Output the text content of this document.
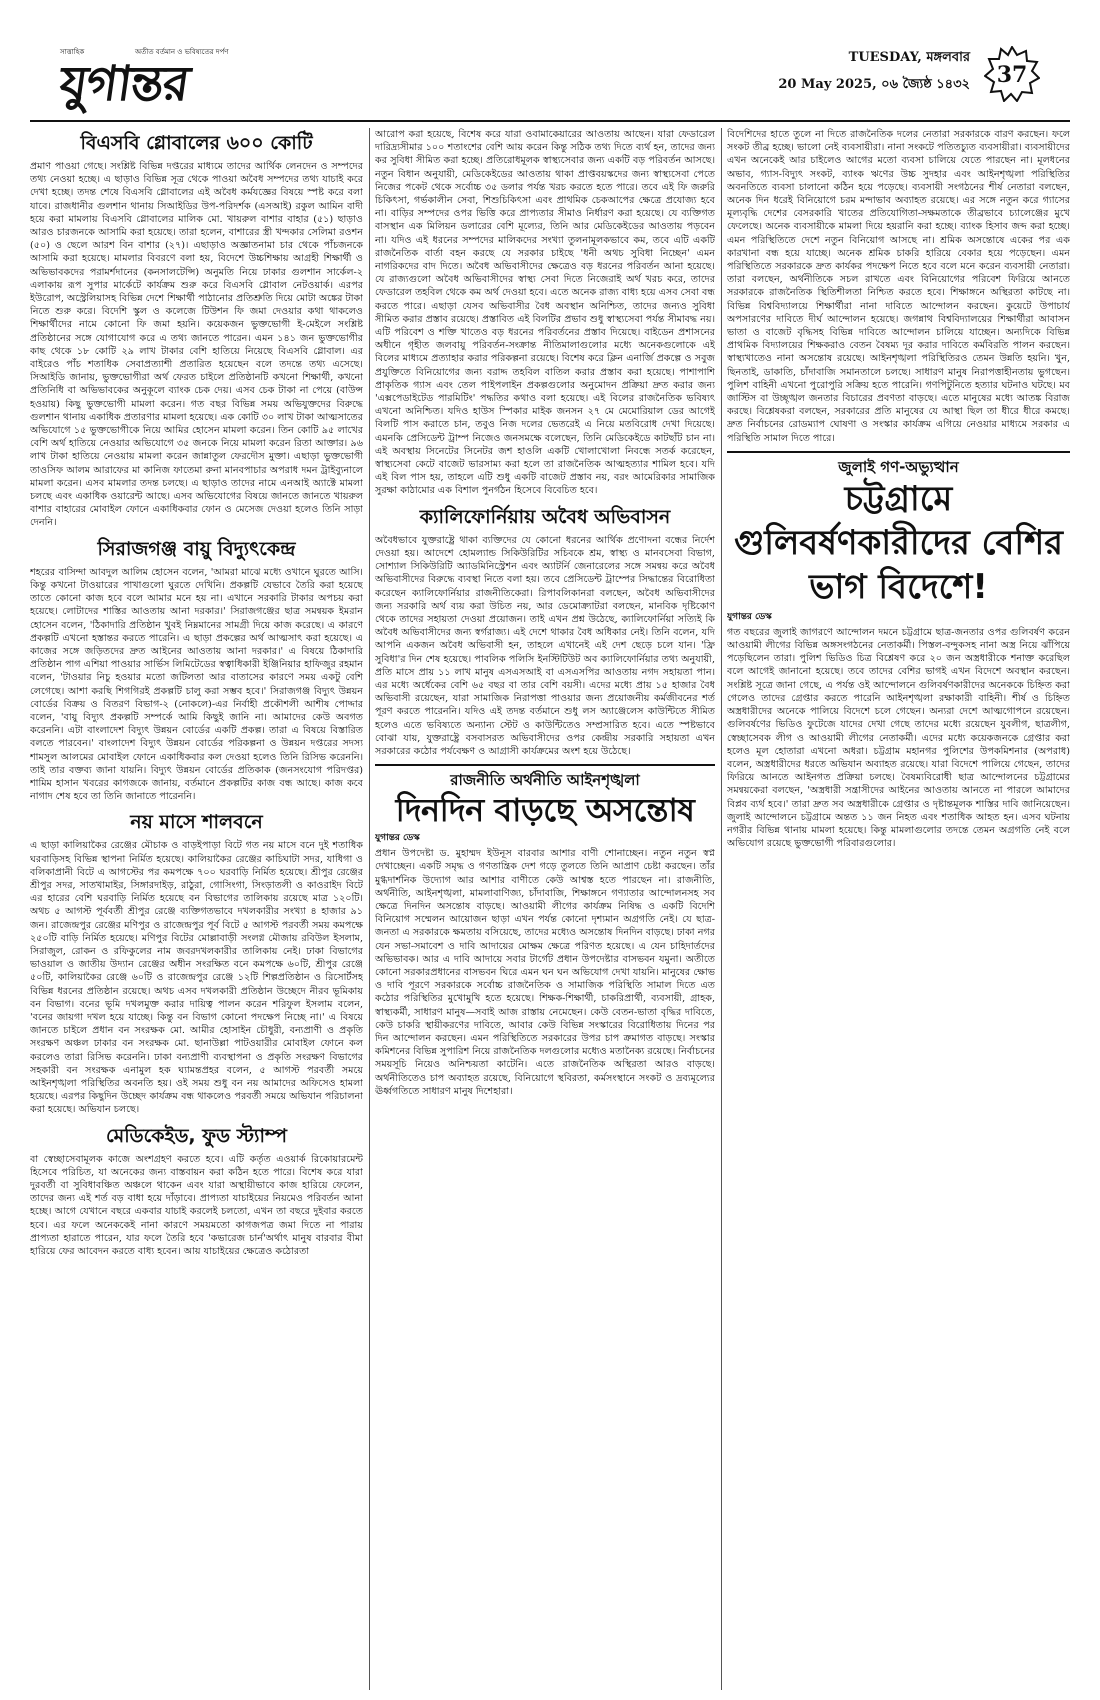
সাত্তাহিক	অতীত বর্তমান ও ভবিষ্যতের দর্পণ
যুগান্তর	TUESDAY, মঙ্গলবার
20 May 2025, ০৬ জ্যৈষ্ঠ ১৪৩২ 37
বিএসবি গ্লোবালের ৬০০ কোটি
প্রমাণ পাওয়া গেছে। সংশ্লিষ্ট বিভিন্ন দপ্তরের মাধ্যমে তাদের আর্থিক লেনদেন ও সম্পদের তথ্য নেওয়া হচ্ছে। এ ছাড়াও বিভিন্ন সূত্র থেকে পাওয়া অবৈধ সম্পদের তথ্য যাচাই করে দেখা হচ্ছে। তদন্ত শেষে বিএসবি গ্লোবালের এই অবৈধ কর্মযজ্ঞের বিষয়ে স্পষ্ট করে বলা যাবে। রাজধানীর গুলশান থানায় সিআইডির উপ-পরিদর্শক (এসআই) রকুল আমিন বাদী হয়ে করা মামলায় বিএসবি গ্লোবালের মালিক মো. খায়রুল বাশার বাহার (৫১) ছাড়াও আরও চারজনকে আসামি করা হয়েছে। তারা হলেন, বাশারের স্ত্রী খন্দকার সেলিমা রওশন (৫০) ও ছেলে আরশ বিন বাশার (২৭)। এছাড়াও অজ্ঞাতনামা চার থেকে পাঁচজনকে আসামি করা হয়েছে। মামলার বিবরণে বলা হয়, বিদেশে উচ্চশিক্ষায় আগ্রহী শিক্ষার্থী ও অভিভাবকদের পরামর্শদানের (কনসালটেন্সি) অনুমতি নিয়ে ঢাকার গুলশান সার্কেল-২ এলাকায় রূপ সুপার মার্কেটে কার্যক্রম শুরু করে বিএসবি গ্লোবাল নেটওয়ার্ক। এরপর ইউরোপ, অস্ট্রেলিয়াসহ বিভিন্ন দেশে শিক্ষার্থী পাঠানোর প্রতিশ্রুতি দিয়ে মোটা অঙ্কের টাকা নিতে শুরু করে। বিদেশি স্কুল ও কলেজে টিউশন ফি জমা দেওয়ার কথা থাকলেও শিক্ষার্থীদের নামে কোনো ফি জমা হয়নি। কয়েকজন ভুক্তভোগী ই-মেইলে সংশ্লিষ্ট প্রতিষ্ঠানের সঙ্গে যোগাযোগ করে এ তথ্য জানতে পারেন। এমন ১৪১ জন ভুক্তভোগীর কাছ থেকে ১৮ কোটি ২৯ লাখ টাকার বেশি হাতিয়ে নিয়েছে বিএসবি গ্লোবাল। এর বাইরেও পাঁচ শতাধিক সেবাপ্রত্যাশী প্রতারিত হয়েছেন বলে তদন্তে তথ্য এসেছে। সিআইডি জানায়, ভুক্তভোগীরা অর্থ ফেরত চাইলে প্রতিষ্ঠানটি কখনো শিক্ষার্থী, কখনো প্রতিনিধি বা অভিভাবকের অনুকূলে ব্যাংক চেক দেয়। এসব চেক টাকা না পেয়ে (বাউন্স হওয়ায়) কিছু ভুক্তভোগী মামলা করেন। গত বছর বিভিন্ন সময় অভিযুক্তদের বিরুদ্ধে গুলশান থানায় একাধিক প্রতারণার মামলা হয়েছে। এক কোটি ৩০ লাখ টাকা আত্মসাতের অভিযোগে ১৫ ভুক্তভোগীকে নিয়ে আমির হোসেন মামলা করেন। তিন কোটি ৯৫ লাখের বেশি অর্থ হাতিয়ে নেওয়ার অভিযোগে ৩৫ জনকে নিয়ে মামলা করেন রিতা আক্তার। ৯৬ লাখ টাকা হাতিয়ে নেওয়ায় মামলা করেন জান্নাতুল ফেরদৌস মুক্তা। এছাড়া ভুক্তভোগী তাওসিফ আলম আরাফের মা কানিজ ফাতেমা রুনা মানবপাচার অপরাধ দমন ট্রাইব্যুনালে মামলা করেন। এসব মামলার তদন্ত চলছে। এ ছাড়াও তাদের নামে এনআই অ্যাক্টে মামলা চলছে এবং একাধিক ওয়ারেন্ট আছে। এসব অভিযোগের বিষয়ে জানতে জানতে খায়রুল বাশার বাহারের মোবাইল ফোনে একাধিকবার ফোন ও মেসেজ দেওয়া হলেও তিনি সাড়া দেননি।
সিরাজগঞ্জ বায়ু বিদ্যুৎকেন্দ্র
শহরের বাসিন্দা আবদুল আলিম হোসেন বলেন, 'আমরা মাঝে মধ্যে ওখানে ঘুরতে আসি। কিন্তু কখনো টাওয়ারের পাখাগুলো ঘুরতে দেখিনি। প্রকল্পটি যেভাবে তৈরি করা হয়েছে তাতে কোনো কাজ হবে বলে আমার মনে হয় না। এখানে সরকারি টাকার অপচয় করা হয়েছে। লোটাদের শাস্তির আওতায় আনা দরকার।' সিরাজগঞ্জের ছাত্র সমন্বয়ক ইমরান হোসেন বলেন, 'ঠিকাদারি প্রতিষ্ঠান খুবই নিম্নমানের সামগ্রী দিয়ে কাজ করেছে। এ কারণে প্রকল্পটি এখনো হস্তান্তর করতে পারেনি। এ ছাড়া প্রকল্পের অর্থ আত্মসাৎ করা হয়েছে। এ কাজের সঙ্গে জড়িতদের দ্রুত আইনের আওতায় আনা দরকার।' এ বিষয়ে ঠিকাদারি প্রতিষ্ঠান পাগ এশিয়া পাওয়ার সার্ভিস লিমিটেডের স্বত্বাধিকারী ইঞ্জিনিয়ার হাফিজুর রহমান বলেন, 'টাওয়ার নিচু হওয়ার মতো জটিলতা আর বাতাসের কারণে সময় একটু বেশি লেগেছে। আশা করছি শিগগিরই প্রকল্পটি চালু করা সম্ভব হবে।' সিরাজগঞ্জ বিদ্যুৎ উন্নয়ন বোর্ডের বিক্রয় ও বিতরণ বিভাগ-২ (নোকলে)-এর নির্বাহী প্রকৌশলী আশীষ পোদ্দার বলেন, 'বায়ু বিদ্যুৎ প্রকল্পটি সম্পর্কে আমি কিছুই জানি না। আমাদের কেউ অবগত করেননি। এটা বাংলাদেশ বিদ্যুৎ উন্নয়ন বোর্ডের একটি প্রকল্প। তারা এ বিষয়ে বিস্তারিত বলতে পারবেন।' বাংলাদেশ বিদ্যুৎ উন্নয়ন বোর্ডের পরিকল্পনা ও উন্নয়ন দপ্তরের সদস্য শামসুল আলমের মোবাইল ফোনে একাধিকবার কল দেওয়া হলেও তিনি রিসিভ করেননি। তাই তার বক্তব্য জানা যায়নি। বিদ্যুৎ উন্নয়ন বোর্ডের প্রতিকাক (জনসংযোগ পরিদপ্তর) শামিম হাসান খবরের কাগজকে জানায়, বর্তমানে প্রকল্পটির কাজ বন্ধ আছে। কাজ কবে নাগাদ শেষ হবে তা তিনি জানাতে পারেননি।
নয় মাসে শালবনে
এ ছাড়া কালিয়াকৈর রেঞ্জের মৌচাক ও বাড়ইপাড়া বিটে গত নয় মাসে বনে দুই শতাধিক ঘরবাড়িসহ বিভিন্ন স্থাপনা নির্মিত হয়েছে। কালিয়াকৈর রেঞ্জের কাচিঘাটা সদর, যাধিগা ও বলিকাপ্রানী বিটে এ আগস্টের পর কমপক্ষে ৭০০ ঘরবাড়ি নির্মিত হয়েছে। শ্রীপুর রেঞ্জের শ্রীপুর সদর, সাতখামাইর, সিঙ্গারদাইড়, রাঠুরা, গোসিংগা, সিংড়াতলী ও কাওরাইদ বিটে এর হারের বেশি ঘরবাড়ি নির্মিত হয়েছে বন বিভাগের তালিকায় রয়েছে মাত্র ১২০টি। অথচ ৫ আগস্ট পূর্ববর্তী শ্রীপুর রেঞ্জে ব্যক্তিগতভাবে দখলকারীর সংখ্যা ৪ হাজার ৯১ জন। রাজেন্দ্রপুর রেঞ্জের মণিপুর ও রাজেন্দ্রপুর পূর্ব বিটে ৫ আগস্ট পরবর্তী সময় কমপক্ষে ২৫০টি বাড়ি নির্মিত হয়েছে। মণিপুর বিটের মোল্লাবাড়ী সংলগ্ন মৌজায় রবিউল ইসলাম, সিরাজুল, রোকন ও রফিকুলের নাম জবরদখলকারীর তালিকায় নেই। ঢাকা বিভাগের ভাওয়াল ও জাতীয় উদ্যান রেঞ্জের অধীন সংরক্ষিত বনে কমপক্ষে ৬০টি, শ্রীপুর রেঞ্জে ৫০টি, কালিয়াকৈর রেঞ্জে ৬০টি ও রাজেন্দ্রপুর রেঞ্জে ১২টি শিল্পপ্রতিষ্ঠান ও রিসোর্টসহ বিভিন্ন ধরনের প্রতিষ্ঠান রয়েছে। অথচ এসব দখলকারী প্রতিষ্ঠান উচ্ছেদে নীরব ভূমিকায় বন বিভাগ। বনের ভূমি দখলমুক্ত করার দায়িত্ব পালন করেন শরিফুল ইসলাম বলেন, 'বনের জায়গা দখল হয়ে যাচ্ছে। কিন্তু বন বিভাগ কোনো পদক্ষেপ নিচ্ছে না।' এ বিষয়ে জানতে চাইলে প্রধান বন সংরক্ষক মো. আমীর হোসাইন চৌধুরী, বন্যপ্রাণী ও প্রকৃতি সংরক্ষণ অঞ্চল ঢাকার বন সংরক্ষক মো. ছানাউল্লা পাটওয়ারীর মোবাইল ফোনে কল করলেও তারা রিসিভ করেননি। ঢাকা বন্যপ্রাণী ব্যবস্থাপনা ও প্রকৃতি সংরক্ষণ বিভাগের সহকারী বন সংরক্ষক এনামুল হক ঘ্যামন্তপ্রহর বলেন, ৫ আগস্ট পরবর্তী সময়ে আইনশৃঙ্খলা পরিস্থিতির অবনতি হয়। ওই সময় শুধু বন নয় আমাদের অফিসেও হামলা হয়েছে। এরপর কিছুদিন উচ্ছেদ কার্যক্রম বন্ধ থাকলেও পরবর্তী সময়ে অভিযান পরিচালনা করা হয়েছে। অভিযান চলছে।
মেডিকেইড, ফুড স্ট্যাম্প
বা স্বেচ্ছাসেবামূলক কাজে অংশগ্রহণ করতে হবে। এটি কর্তৃত এওয়ার্ক রিকোয়ারমেন্ট হিসেবে পরিচিত, যা অনেকের জন্য বাস্তবায়ন করা কঠিন হতে পারে। বিশেষ করে যারা দুরবর্তী বা সুবিধাবঞ্চিত অঞ্চলে থাকেন এবং যারা অস্থায়ীভাবে কাজ হারিয়ে ফেলেন, তাদের জন্য এই শর্ত বড় বাধা হয়ে দাঁড়াবে। প্রাপ্যতা যাচাইয়ের নিয়মেও পরিবর্তন আনা হচ্ছে। আগে যেখানে বছরে একবার যাচাই করলেই চলতো, এখন তা বছরে দুইবার করতে হবে। এর ফলে অনেককেই নানা কারণে সময়মতো কাগজপত্র জমা দিতে না পারায় প্রাপ্যতা হারাতে পারেন, যার ফলে তৈরি হবে 'কভারেজ চার্ন'অর্থাৎ মানুষ বারবার বীমা হারিয়ে ফের আবেদন করতে বাধ্য হবেন। আয় যাচাইয়ের ক্ষেত্রেও কঠোরতা
আরোপ করা হয়েছে, বিশেষ করে যারা ওবামাকেয়ারের আওতায় আছেন। যারা ফেডারেল দারিদ্র্যসীমার ১০০ শতাংশের বেশি আয় করেন কিন্তু সঠিক তথ্য দিতে ব্যর্থ হন, তাদের জন্য কর সুবিধা সীমিত করা হচ্ছে। প্রতিরোধমূলক স্বাস্থ্যসেবার জন্য একটি বড় পরিবর্তন আসছে। নতুন বিধান অনুযায়ী, মেডিকেইডের আওতায় থাকা প্রাপ্তবয়স্কদের জন্য স্বাস্থ্যসেবা পেতে নিজের পকেট থেকে সর্বোচ্চ ৩৫ ডলার পর্যন্ত খরচ করতে হতে পারে। তবে এই ফি জরুরি চিকিৎসা, গর্ভকালীন সেবা, শিশুচিকিৎসা এবং প্রাথমিক চেকআপের ক্ষেত্রে প্রযোজ্য হবে না। বাড়ির সম্পদের ওপর ভিত্তি করে প্রাপ্যতার সীমাও নির্ধারণ করা হয়েছে। যে ব্যক্তিগত বাসস্থান এক মিলিয়ন ডলারের বেশি মূল্যের, তিনি আর মেডিকেইডের আওতায় পড়বেন না। যদিও এই ধরনের সম্পদের মালিকদের সংখ্যা তুলনামূলকভাবে কম, তবে এটি একটি রাজনৈতিক বার্তা বহন করছে যে সরকার চাইছে 'ধনী অথচ সুবিধা নিচ্ছেন' এমন নাগরিকদের বাদ দিতে। অবৈধ অভিবাসীদের ক্ষেত্রেও বড় ধরনের পরিবর্তন আনা হয়েছে। যে রাজ্যগুলো অবৈধ অভিবাসীদের স্বাস্থ্য সেবা দিতে নিজেরাই অর্থ খরচ করে, তাদের ফেডারেল তহবিল থেকে কম অর্থ দেওয়া হবে। এতে অনেক রাজ্য বাধ্য হয়ে এসব সেবা বন্ধ করতে পারে। এছাড়া যেসব অভিবাসীর বৈধ অবস্থান অনিশ্চিত, তাদের জন্যও সুবিধা সীমিত করার প্রস্তাব রয়েছে। প্রস্তাবিত এই বিলটির প্রভাব শুধু স্বাস্থ্যসেবা পর্যন্ত সীমাবদ্ধ নয়। এটি পরিবেশ ও শক্তি খাতেও বড় ধরনের পরিবর্তনের প্রস্তাব দিয়েছে। বাইডেন প্রশাসনের অধীনে গৃহীত জলবায়ু পরিবর্তন-সংক্রান্ত নীতিমালাগুলোর মধ্যে অনেকগুলোকে এই বিলের মাধ্যমে প্রত্যাহার করার পরিকল্পনা রয়েছে। বিশেষ করে ক্লিন এনার্জি প্রকল্পে ও সবুজ প্রযুক্তিতে বিনিয়োগের জন্য বরাদ্দ তহবিল বাতিল করার প্রস্তাব করা হয়েছে। পাশাপাশি প্রাকৃতিক গ্যাস এবং তেল পাইপলাইন প্রকল্পগুলোর অনুমোদন প্রক্রিয়া দ্রুত করার জন্য 'এক্সপেডাইটেড পারমিটিং' পদ্ধতির কথাও বলা হয়েছে। এই বিলের রাজনৈতিক ভবিষ্যৎ এখনো অনিশ্চিত। যদিও হাউস স্পিকার মাইক জনসন ২৭ মে মেমোরিয়াল ডের আগেই বিলটি পাস করাতে চান, তবুও নিজ দলের ভেতরেই এ নিয়ে মতবিরোধ দেখা দিয়েছে। এমনকি প্রেসিডেন্ট ট্রাম্প নিজেও জনসমক্ষে বলেছেন, তিনি মেডিকেইডে কাটছাঁট চান না। এই অবস্থায় সিনেটের সিনেটর জশ হাওলি একটি খোলাখোলা নিবন্ধে সতর্ক করেছেন, স্বাস্থ্যসেবা কেটে বাজেট ভারসাম্য করা হলে তা রাজনৈতিক আত্মহত্যার শামিল হবে। যদি এই বিল পাস হয়, তাহলে এটি শুধু একটি বাজেট প্রস্তাব নয়, বরং আমেরিকার সামাজিক সুরক্ষা কাঠামোর এক বিশাল পুনর্গঠন হিসেবে বিবেচিত হবে।
ক্যালিফোর্নিয়ায় অবৈধ অভিবাসন
অবৈধভাবে যুক্তরাষ্ট্রে থাকা ব্যক্তিদের যে কোনো ধরনের আর্থিক প্রণোদনা বন্ধের নির্দেশ দেওয়া হয়। আদেশে হোমল্যান্ড সিকিউরিটির সচিবকে শ্রম, স্বাস্থ্য ও মানবসেবা বিভাগ, সোশ্যাল সিকিউরিটি অ্যাডমিনিস্ট্রেশন এবং অ্যাটর্নি জেনারেলের সঙ্গে সমন্বয় করে অবৈধ অভিবাসীদের বিরুদ্ধে ব্যবস্থা নিতে বলা হয়। তবে প্রেসিডেন্ট ট্রাম্পের সিদ্ধান্তের বিরোধিতা করেছেন ক্যালিফোর্নিয়ার রাজনীতিকেরা। রিপাবলিকানরা বলছেন, অবৈধ অভিবাসীদের জন্য সরকারি অর্থ ব্যয় করা উচিত নয়, আর ডেমোক্র্যাটরা বলছেন, মানবিক দৃষ্টিকোণ থেকে তাদের সহায়তা দেওয়া প্রয়োজন। তাই এখন প্রশ্ন উঠেছে, ক্যালিফোর্নিয়া সত্যিই কি অবৈধ অভিবাসীদের জন্য স্বর্গরাজ্য। এই দেশে থাকার বৈধ অধিকার নেই। তিনি বলেন, যদি আপনি একজন অবৈধ অভিবাসী হন, তাহলে এখানেই এই দেশ ছেড়ে চলে যান। 'ফ্রি সুবিধা'র দিন শেষ হয়েছে। পাবলিক পলিসি ইনস্টিটিউট অব ক্যালিফোর্নিয়ার তথ্য অনুযায়ী, প্রতি মাসে প্রায় ১১ লাখ মানুষ এসএসআই বা এসএসপির আওতায় নগদ সহায়তা পান। এর মধ্যে অর্ধেকের বেশি ৬৫ বছর বা তার বেশি বয়সী। এদের মধ্যে প্রায় ১৫ হাজার বৈধ অভিবাসী রয়েছেন, যারা সামাজিক নিরাপত্তা পাওয়ার জন্য প্রয়োজনীয় কর্মজীবনের শর্ত পূরণ করতে পারেননি। যদিও এই তদন্ত বর্তমানে শুধু লস অ্যাঞ্জেলেস কাউন্টিতে সীমিত হলেও এতে ভবিষ্যতে অন্যান্য স্টেট ও কাউন্টিতেও সম্প্রসারিত হবে। এতে স্পষ্টভাবে বোঝা যায়, যুক্তরাষ্ট্রে বসবাসরত অভিবাসীদের ওপর কেন্দ্রীয় সরকারি সহায়তা এখন সরকারের কঠোর পর্যবেক্ষণ ও আগ্রাসী কার্যক্রমের অংশ হয়ে উঠেছে।
রাজনীতি অর্থনীতি আইনশৃঙ্খলা
দিনদিন বাড়ছে অসন্তোষ
যুগান্তর ডেস্ক
প্রধান উপদেষ্টা ড. মুহাম্মদ ইউনূস বারবার আশার বাণী শোনাচ্ছেন। নতুন নতুন স্বপ্ন দেখাচ্ছেন। একটি সমৃদ্ধ ও গণতান্ত্রিক দেশ গড়ে তুলতে তিনি আপ্রাণ চেষ্টা করছেন। তাঁর মুগ্ধদার্শনিক উদ্যোগ আর আশার বাণীতে কেউ আশ্বস্ত হতে পারছেন না। রাজনীতি, অর্থনীতি, আইনশৃঙ্খলা, মামলাবাণিজ্য, চাঁদাবাজি, শিক্ষাঙ্গনে গণ্যাতার আন্দোলনসহ সব ক্ষেত্রে দিনদিন অসন্তোষ বাড়ছে। আওয়ামী লীগের কার্যক্রম নিষিদ্ধ ও একটি বিদেশি বিনিয়োগ সম্মেলন আয়োজন ছাড়া এখন পর্যন্ত কোনো দৃশ্যমান অগ্রগতি নেই। যে ছাত্র-জনতা এ সরকারকে ক্ষমতায় বসিয়েছে, তাদের মধ্যেও অসন্তোষ দিনদিন বাড়ছে। ঢাকা নগর যেন সভা-সমাবেশ ও দাবি আদায়ের মোক্ষম ক্ষেত্রে পরিণত হয়েছে। এ যেন চাহিদার্তদের অভিভাবক। আর এ দাবি আদায়ে সবার টার্গেট প্রধান উপদেষ্টার বাসভবন যমুনা। অতীতে কোনো সরকারপ্রধানের বাসভবন ঘিরে এমন ঘন ঘন অভিযোগ দেখা যায়নি। মানুষের ক্ষোভ ও দাবি পূরণে সরকারকে সর্বোচ্চ রাজনৈতিক ও সামাজিক পরিস্থিতি সামাল দিতে এত কঠোর পরিস্থিতির মুখোমুখি হতে হয়েছে। শিক্ষক-শিক্ষার্থী, চাকরিপ্রার্থী, ব্যবসায়ী, গ্রাহক, স্বাস্থ্যকর্মী, সাধারণ মানুষ—সবাই আজ রাস্তায় নেমেছেন। কেউ বেতন-ভাতা বৃদ্ধির দাবিতে, কেউ চাকরি স্থায়ীকরণের দাবিতে, আবার কেউ বিভিন্ন সংস্কারের বিরোধিতায় দিনের পর দিন আন্দোলন করছেন। এমন পরিস্থিতিতে সরকারের উপর চাপ ক্রমাগত বাড়ছে। সংস্কার কমিশনের বিভিন্ন সুপারিশ নিয়ে রাজনৈতিক দলগুলোর মধ্যেও মতানৈক্য রয়েছে। নির্বাচনের সময়সূচি নিয়েও অনিশ্চয়তা কাটেনি। এতে রাজনৈতিক অস্থিরতা আরও বাড়ছে। অর্থনীতিতেও চাপ অব্যাহত রয়েছে, বিনিয়োগে স্থবিরতা, কর্মসংস্থানে সংকট ও দ্রব্যমূল্যের ঊর্ধ্বগতিতে সাধারণ মানুষ দিশেহারা।
বিদেশিদের হাতে তুলে না দিতে রাজনৈতিক দলের নেতারা সরকারকে বারণ করছেন। ফলে সংকট তীব্র হচ্ছে। ভালো নেই ব্যবসায়ীরা। নানা সংকটে পতিতচ্যুত ব্যবসায়ীরা। ব্যবসায়ীদের এখন অনেকেই আর চাইলেও আগের মতো ব্যবসা চালিয়ে যেতে পারছেন না। মূলধনের অভাব, গ্যাস-বিদ্যুৎ সংকট, ব্যাংক ঋণের উচ্চ সুদহার এবং আইনশৃঙ্খলা পরিস্থিতির অবনতিতে ব্যবসা চালানো কঠিন হয়ে পড়েছে। ব্যবসায়ী সংগঠনের শীর্ষ নেতারা বলছেন, অনেক দিন ধরেই বিনিয়োগে চরম মন্দাভাব অব্যাহত রয়েছে। এর সঙ্গে নতুন করে গ্যাসের মূল্যবৃদ্ধি দেশের বেসরকারি খাতের প্রতিযোগিতা-সক্ষমতাকে তীব্রভাবে চ্যালেঞ্জের মুখে ফেলেছে। অনেক ব্যবসায়ীকে মামলা দিয়ে হয়রানি করা হচ্ছে। ব্যাংক হিসাব জব্দ করা হচ্ছে। এমন পরিস্থিতিতে দেশে নতুন বিনিয়োগ আসছে না। শ্রমিক অসন্তোষে একের পর এক কারখানা বন্ধ হয়ে যাচ্ছে। অনেক শ্রমিক চাকরি হারিয়ে বেকার হয়ে পড়েছেন। এমন পরিস্থিতিতে সরকারকে দ্রুত কার্যকর পদক্ষেপ নিতে হবে বলে মনে করেন ব্যবসায়ী নেতারা। তারা বলছেন, অর্থনীতিকে সচল রাখতে এবং বিনিয়োগের পরিবেশ ফিরিয়ে আনতে সরকারকে রাজনৈতিক স্থিতিশীলতা নিশ্চিত করতে হবে। শিক্ষাঙ্গনে অস্থিরতা কাটছে না। বিভিন্ন বিশ্ববিদ্যালয়ে শিক্ষার্থীরা নানা দাবিতে আন্দোলন করছেন। কুয়েটে উপাচার্য অপসারণের দাবিতে দীর্ঘ আন্দোলন হয়েছে। জগন্নাথ বিশ্ববিদ্যালয়ের শিক্ষার্থীরা আবাসন ভাতা ও বাজেট বৃদ্ধিসহ বিভিন্ন দাবিতে আন্দোলন চালিয়ে যাচ্ছেন। অন্যদিকে বিভিন্ন প্রাথমিক বিদ্যালয়ের শিক্ষকরাও বেতন বৈষম্য দূর করার দাবিতে কর্মবিরতি পালন করছেন। স্বাস্থ্যখাতেও নানা অসন্তোষ রয়েছে। আইনশৃঙ্খলা পরিস্থিতিরও তেমন উন্নতি হয়নি। খুন, ছিনতাই, ডাকাতি, চাঁদাবাজি সমানতালে চলছে। সাধারণ মানুষ নিরাপত্তাহীনতায় ভুগছেন। পুলিশ বাহিনী এখনো পুরোপুরি সক্রিয় হতে পারেনি। গণপিটুনিতে হত্যার ঘটনাও ঘটছে। মব জাস্টিস বা উচ্ছৃঙ্খল জনতার বিচারের প্রবণতা বাড়ছে। এতে মানুষের মধ্যে আতঙ্ক বিরাজ করছে। বিশ্লেষকরা বলছেন, সরকারের প্রতি মানুষের যে আস্থা ছিল তা ধীরে ধীরে কমছে। দ্রুত নির্বাচনের রোডম্যাপ ঘোষণা ও সংস্কার কার্যক্রম এগিয়ে নেওয়ার মাধ্যমে সরকার এ পরিস্থিতি সামাল দিতে পারে।
জুলাই গণ-অভ্যুত্থান
চট্টগ্রামে গুলিবর্ষণকারীদের বেশির ভাগ বিদেশে!
যুগান্তর ডেস্ক
গত বছরের জুলাই জাগরণে আন্দোলন দমনে চট্টগ্রামে ছাত্র-জনতার ওপর গুলিবর্ষণ করেন আওয়ামী লীগের বিভিন্ন অঙ্গসংগঠনের নেতাকর্মী। পিস্তল-বন্দুকসহ নানা অস্ত্র নিয়ে ঝাঁপিয়ে পড়েছিলেন তারা। পুলিশ ভিডিও চিত্র বিশ্লেষণ করে ২০ জন অস্ত্রধারীকে শনাক্ত করেছিল বলে আগেই জানানো হয়েছে। তবে তাদের বেশির ভাগই এখন বিদেশে অবস্থান করছেন। সংশ্লিষ্ট সূত্রে জানা গেছে, এ পর্যন্ত ওই আন্দোলনে গুলিবর্ষণকারীদের অনেককে চিহ্নিত করা গেলেও তাদের গ্রেপ্তার করতে পারেনি আইনশৃঙ্খলা রক্ষাকারী বাহিনী। শীর্ষ ও চিহ্নিত অস্ত্রধারীদের অনেকে পালিয়ে বিদেশে চলে গেছেন। অন্যরা দেশে আত্মগোপনে রয়েছেন। গুলিবর্ষণের ভিডিও ফুটেজে যাদের দেখা গেছে তাদের মধ্যে রয়েছেন যুবলীগ, ছাত্রলীগ, স্বেচ্ছাসেবক লীগ ও আওয়ামী লীগের নেতাকর্মী। এদের মধ্যে কয়েকজনকে গ্রেপ্তার করা হলেও মূল হোতারা এখনো অধরা। চট্টগ্রাম মহানগর পুলিশের উপকমিশনার (অপরাধ) বলেন, অস্ত্রধারীদের ধরতে অভিযান অব্যাহত রয়েছে। যারা বিদেশে পালিয়ে গেছেন, তাদের ফিরিয়ে আনতে আইনগত প্রক্রিয়া চলছে। বৈষম্যবিরোধী ছাত্র আন্দোলনের চট্টগ্রামের সমন্বয়কেরা বলছেন, 'অস্ত্রধারী সন্ত্রাসীদের আইনের আওতায় আনতে না পারলে আমাদের বিপ্লব ব্যর্থ হবে।' তারা দ্রুত সব অস্ত্রধারীকে গ্রেপ্তার ও দৃষ্টান্তমূলক শাস্তির দাবি জানিয়েছেন। জুলাই আন্দোলনে চট্টগ্রামে অন্তত ১১ জন নিহত এবং শতাধিক আহত হন। এসব ঘটনায় নগরীর বিভিন্ন থানায় মামলা হয়েছে। কিন্তু মামলাগুলোর তদন্তে তেমন অগ্রগতি নেই বলে অভিযোগ রয়েছে ভুক্তভোগী পরিবারগুলোর।
